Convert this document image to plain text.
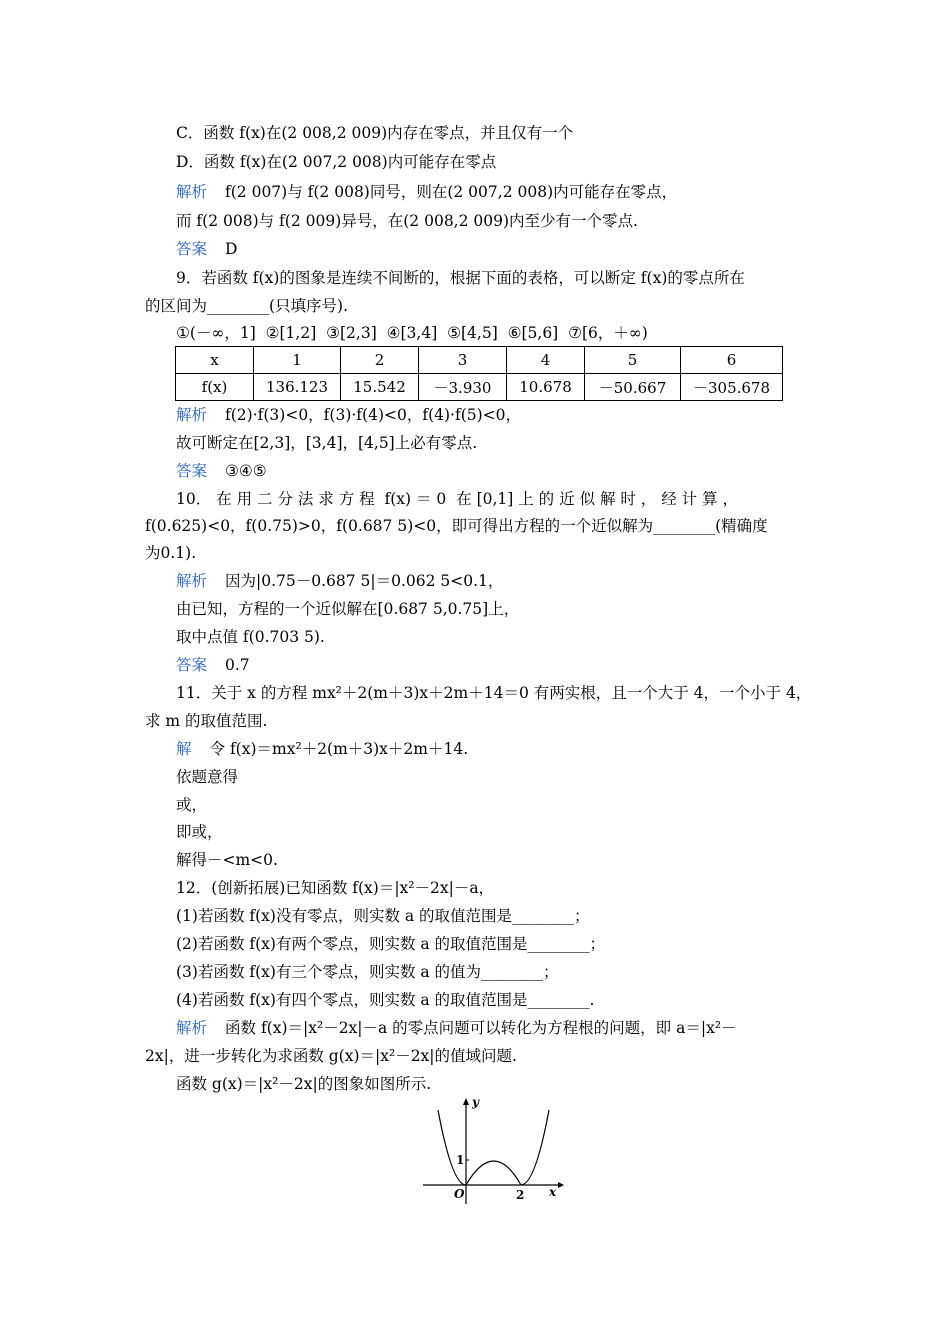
C．函数 f(x)在(2 008,2 009)内存在零点，并且仅有一个
D．函数 f(x)在(2 007,2 008)内可能存在零点
解析 f(2 007)与 f(2 008)同号，则在(2 007,2 008)内可能存在零点，
而 f(2 008)与 f(2 009)异号，在(2 008,2 009)内至少有一个零点.
答案 D
9．若函数 f(x)的图象是连续不间断的，根据下面的表格，可以断定 f(x)的零点所在
的区间为________(只填序号).
①(－∞，1]  ②[1,2]  ③[2,3]  ④[3,4]  ⑤[4,5]  ⑥[5,6]  ⑦[6，＋∞)
x	1	2	3	4	5	6
f(x)	136.123	15.542	－3.930	10.678	－50.667	－305.678
解析 f(2)·f(3)<0，f(3)·f(4)<0，f(4)·f(5)<0，
故可断定在[2,3]，[3,4]，[4,5]上必有零点.
答案 ③④⑤
10． 在 用 二 分 法 求 方 程  f(x) ＝ 0  在 [0,1] 上 的 近 似 解 时 ， 经 计 算 ，
f(0.625)<0，f(0.75)>0，f(0.687 5)<0，即可得出方程的一个近似解为________(精确度
为0.1).
解析 因为|0.75－0.687 5|＝0.062 5<0.1，
由已知，方程的一个近似解在[0.687 5,0.75]上，
取中点值 f(0.703 5).
答案 0.7
11．关于 x 的方程 mx²＋2(m＋3)x＋2m＋14＝0 有两实根，且一个大于 4，一个小于 4，
求 m 的取值范围.
解 令 f(x)＝mx²＋2(m＋3)x＋2m＋14.
依题意得
或，
即或，
解得－<m<0.
12．(创新拓展)已知函数 f(x)＝|x²－2x|－a，
(1)若函数 f(x)没有零点，则实数 a 的取值范围是________；
(2)若函数 f(x)有两个零点，则实数 a 的取值范围是________；
(3)若函数 f(x)有三个零点，则实数 a 的值为________；
(4)若函数 f(x)有四个零点，则实数 a 的取值范围是________.
解析 函数 f(x)＝|x²－2x|－a 的零点问题可以转化为方程根的问题，即 a＝|x²－
2x|，进一步转化为求函数 g(x)＝|x²－2x|的值域问题.
函数 g(x)＝|x²－2x|的图象如图所示.
y
x
O
1
2
